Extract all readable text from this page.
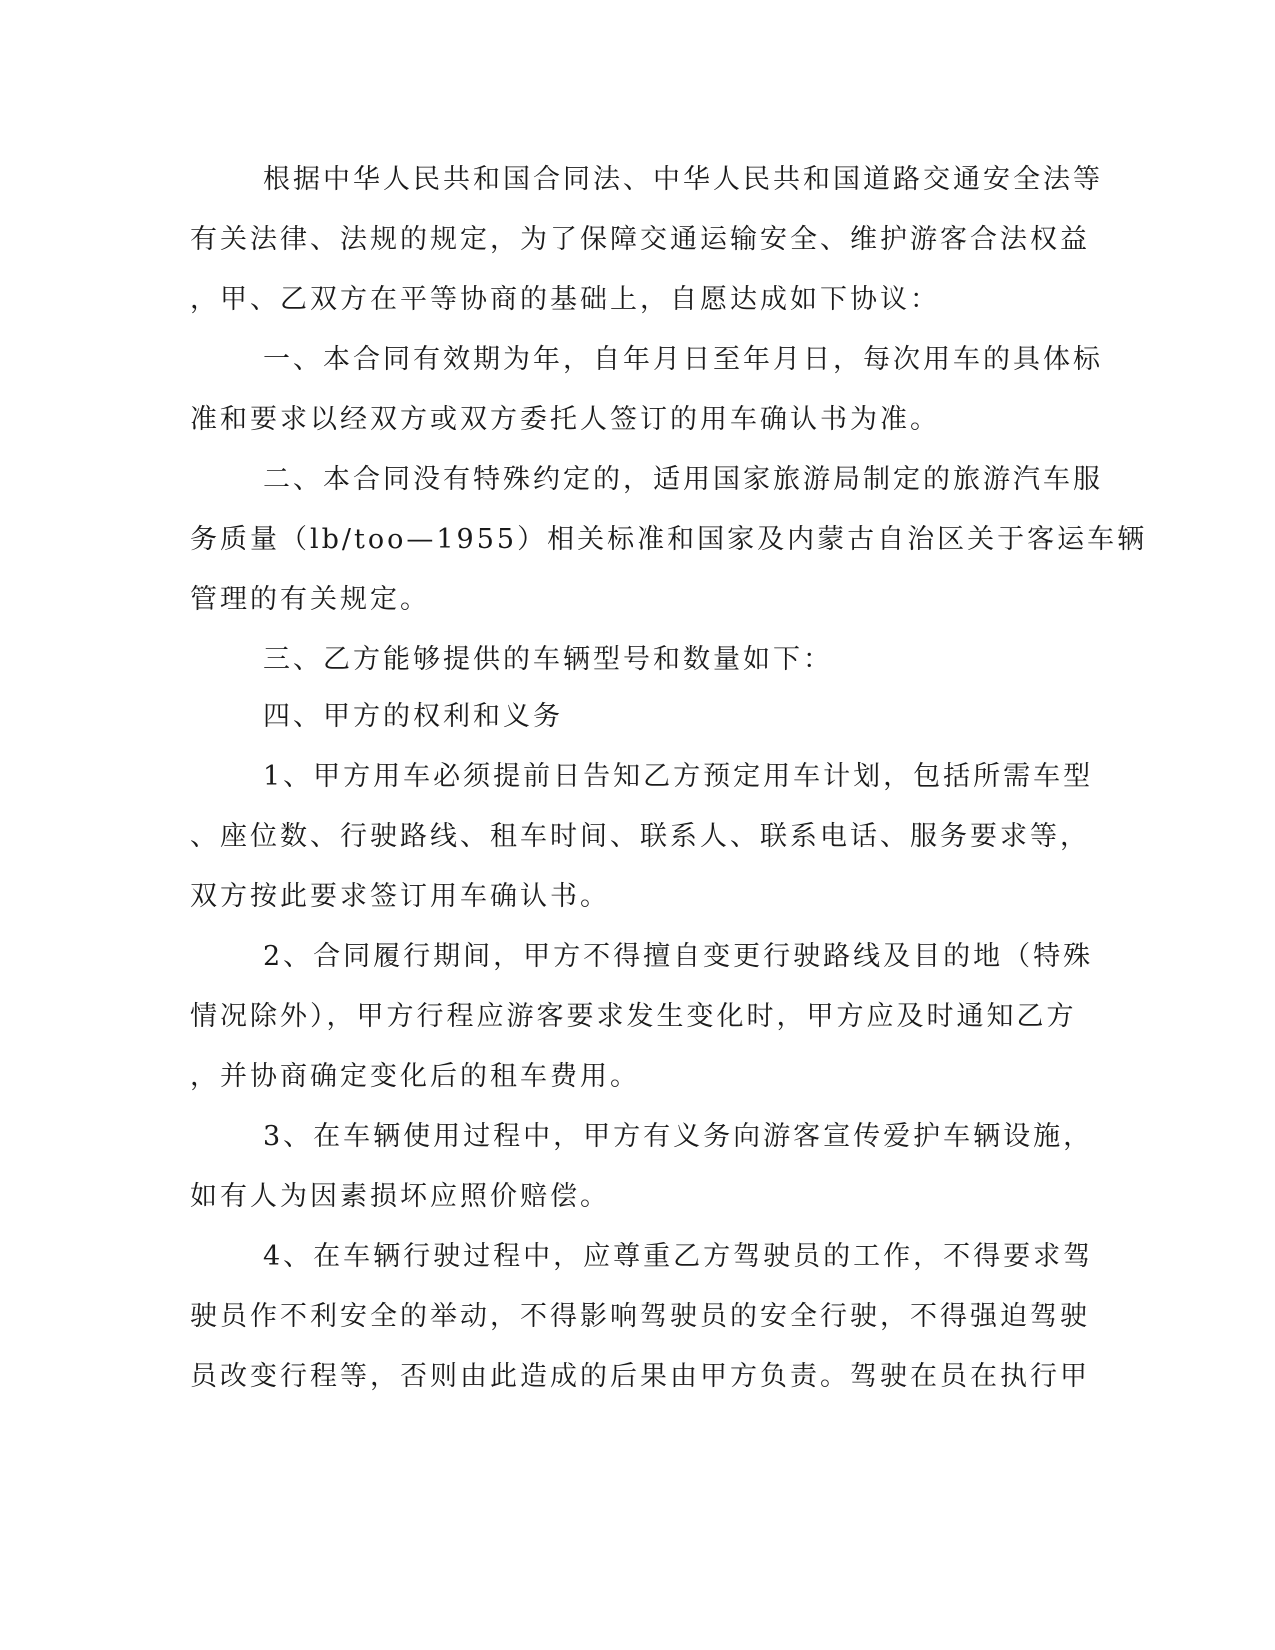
根据中华人民共和国合同法、中华人民共和国道路交通安全法等
有关法律、法规的规定，为了保障交通运输安全、维护游客合法权益
，甲、乙双方在平等协商的基础上，自愿达成如下协议：
一、本合同有效期为年，自年月日至年月日，每次用车的具体标
准和要求以经双方或双方委托人签订的用车确认书为准。
二、本合同没有特殊约定的，适用国家旅游局制定的旅游汽车服
务质量（lb/too—1955）相关标准和国家及内蒙古自治区关于客运车辆
管理的有关规定。
三、乙方能够提供的车辆型号和数量如下：
四、甲方的权利和义务
1、甲方用车必须提前日告知乙方预定用车计划，包括所需车型
、座位数、行驶路线、租车时间、联系人、联系电话、服务要求等，
双方按此要求签订用车确认书。
2、合同履行期间，甲方不得擅自变更行驶路线及目的地（特殊
情况除外），甲方行程应游客要求发生变化时，甲方应及时通知乙方
，并协商确定变化后的租车费用。
3、在车辆使用过程中，甲方有义务向游客宣传爱护车辆设施，
如有人为因素损坏应照价赔偿。
4、在车辆行驶过程中，应尊重乙方驾驶员的工作，不得要求驾
驶员作不利安全的举动，不得影响驾驶员的安全行驶，不得强迫驾驶
员改变行程等，否则由此造成的后果由甲方负责。驾驶在员在执行甲
